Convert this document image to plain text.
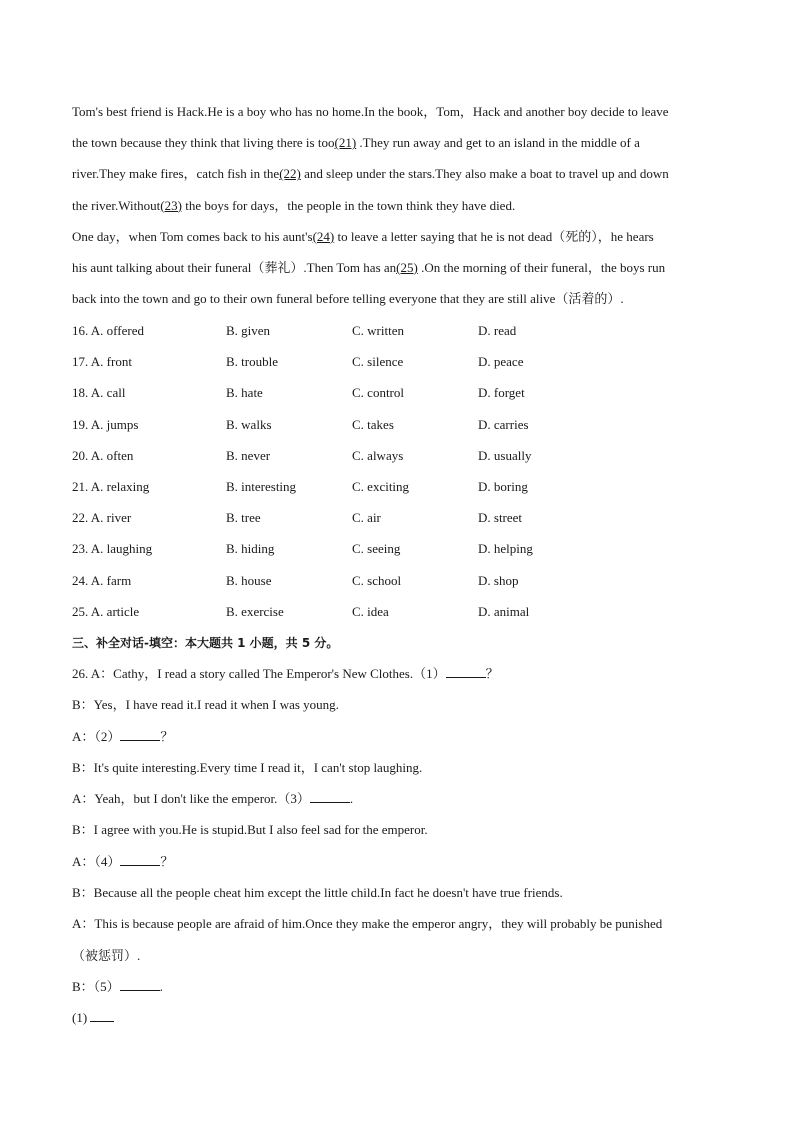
Tom's best friend is Hack.He is a boy who has no home.In the book，Tom，Hack and another boy decide to leave
the town because they think that living there is too(21) .They run away and get to an island in the middle of a
river.They make fires，catch fish in the(22) and sleep under the stars.They also make a boat to travel up and down
the river.Without(23) the boys for days，the people in the town think they have died.
One day，when Tom comes back to his aunt's(24) to leave a letter saying that he is not dead（死的），he hears
his aunt talking about their funeral（葬礼）.Then Tom has an(25) .On the morning of their funeral，the boys run
back into the town and go to their own funeral before telling everyone that they are still alive（活着的）.
16. A. offered	B. given	C. written	D. read
17. A. front	B. trouble	C. silence	D. peace
18. A. call	B. hate	C. control	D. forget
19. A. jumps	B. walks	C. takes	D. carries
20. A. often	B. never	C. always	D. usually
21. A. relaxing	B. interesting	C. exciting	D. boring
22. A. river	B. tree	C. air	D. street
23. A. laughing	B. hiding	C. seeing	D. helping
24. A. farm	B. house	C. school	D. shop
25. A. article	B. exercise	C. idea	D. animal
三、补全对话-填空：本大题共 1 小题，共 5 分。
26. A：Cathy，I read a story called The Emperor's New Clothes.（1）	？
B：Yes，I have read it.I read it when I was young.
A：（2）	？
B：It's quite interesting.Every time I read it，I can't stop laughing.
A：Yeah，but I don't like the emperor.（3）	.
B：I agree with you.He is stupid.But I also feel sad for the emperor.
A：（4）	？
B：Because all the people cheat him except the little child.In fact he doesn't have true friends.
A：This is because people are afraid of him.Once they make the emperor angry，they will probably be punished
（被惩罚）.
B：（5）	.
(1)
